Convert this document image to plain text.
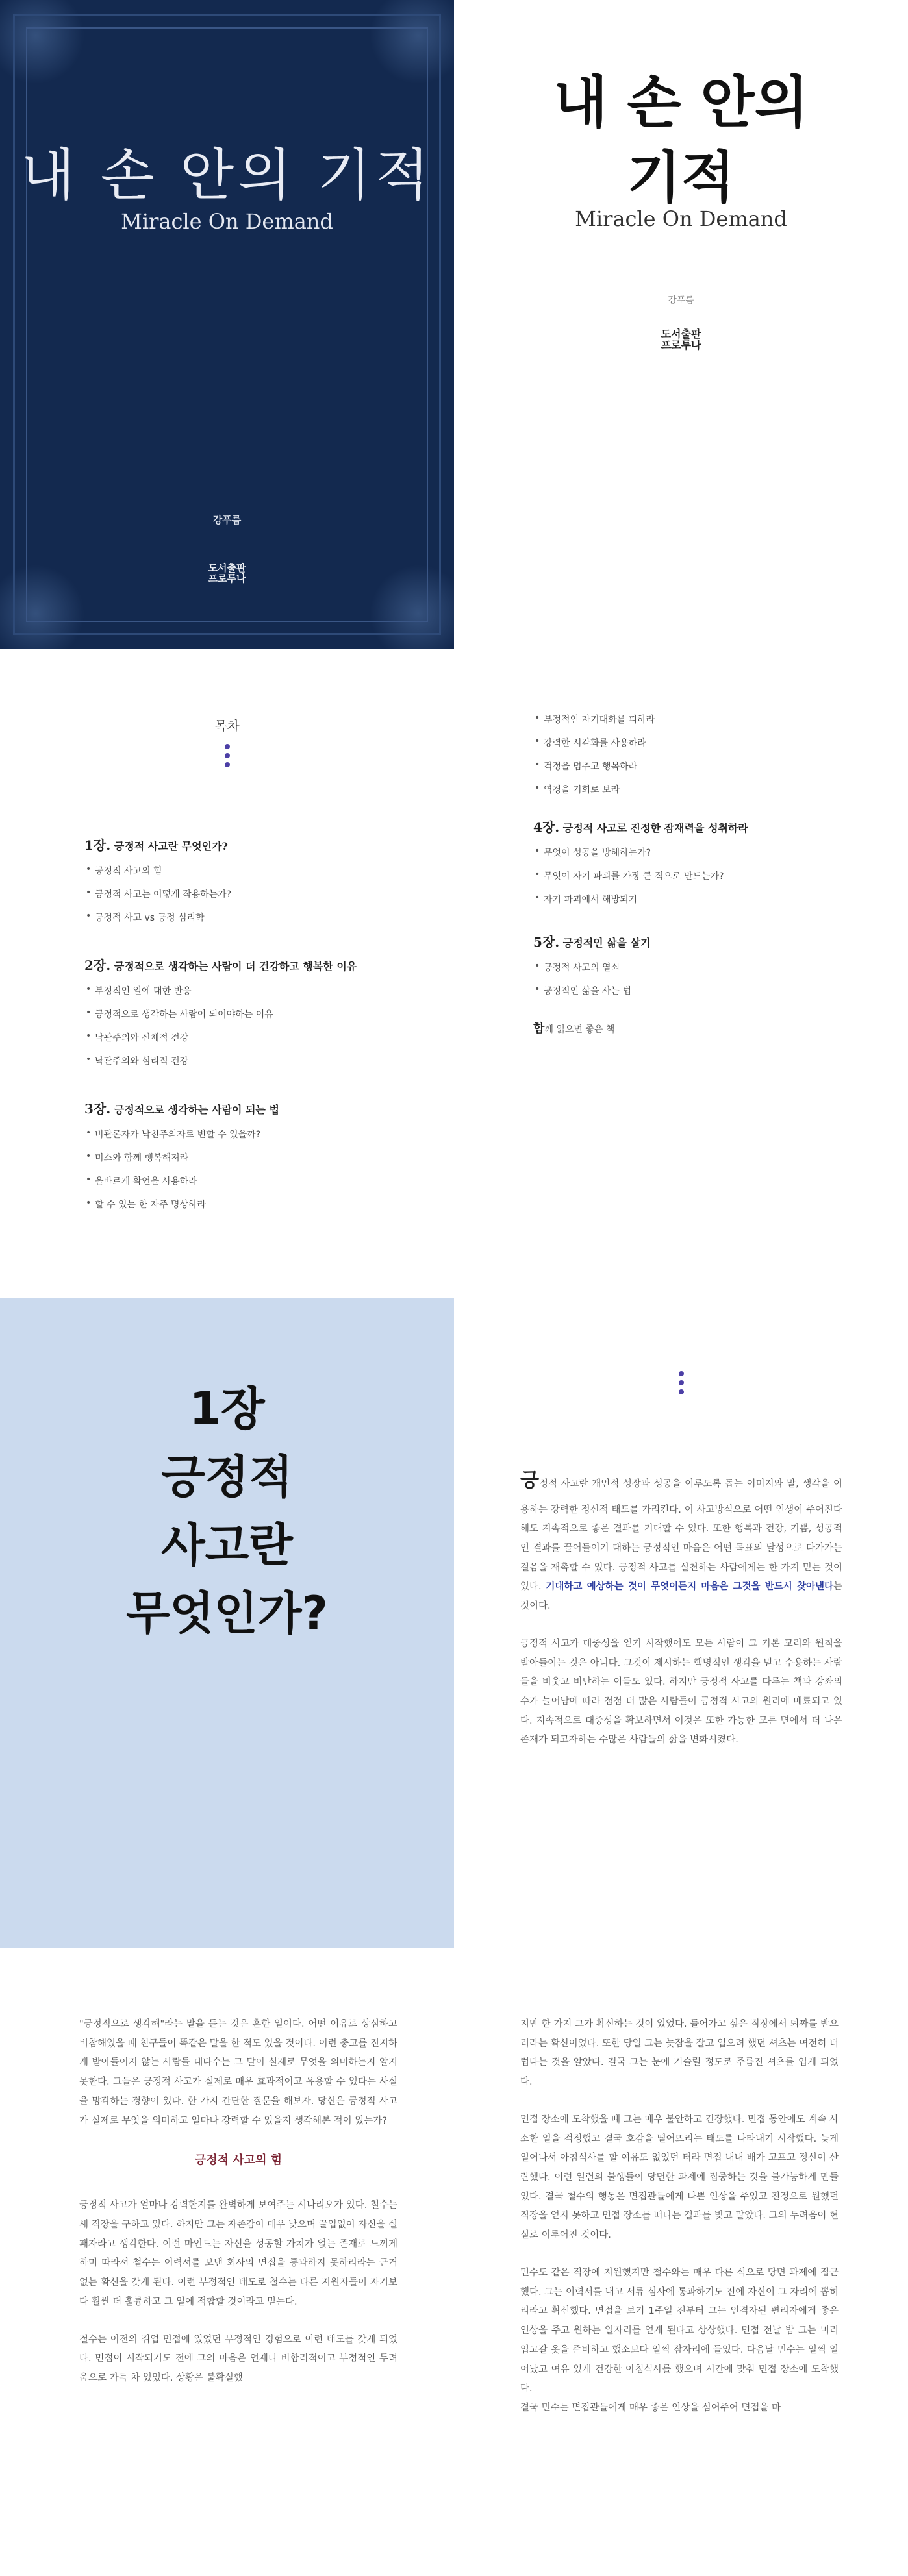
내 손 안의 기적
Miracle On Demand
강푸름
도서출판
프로투나
내 손 안의
기적
Miracle On Demand
강푸름
도서출판
프로투나
목차
1장. 긍정적 사고란 무엇인가?
• 긍정적 사고의 힘
• 긍정적 사고는 어떻게 작용하는가?
• 긍정적 사고 vs 긍정 심리학
2장. 긍정적으로 생각하는 사람이 더 건강하고 행복한 이유
• 부정적인 일에 대한 반응
• 긍정적으로 생각하는 사람이 되어야하는 이유
• 낙관주의와 신체적 건강
• 낙관주의와 심리적 건강
3장. 긍정적으로 생각하는 사람이 되는 법
• 비관론자가 낙천주의자로 변할 수 있을까?
• 미소와 함께 행복해져라
• 올바르게 확언을 사용하라
• 할 수 있는 한 자주 명상하라
• 부정적인 자기대화를 피하라
• 강력한 시각화를 사용하라
• 걱정을 멈추고 행복하라
• 역경을 기회로 보라
4장. 긍정적 사고로 진정한 잠재력을 성취하라
• 무엇이 성공을 방해하는가?
• 무엇이 자기 파괴를 가장 큰 적으로 만드는가?
• 자기 파괴에서 해방되기
5장. 긍정적인 삶을 살기
• 긍정적 사고의 열쇠
• 긍정적인 삶을 사는 법
함께 읽으면 좋은 책
1장
긍정적
사고란
무엇인가?

긍정적 사고란 개인적 성장과 성공을 이루도록 돕는 이미지와 말, 생각을 이용하는 강력한 정신적 태도를 가리킨다. 이 사고방식으로 어떤 인생이 주어진다 해도 지속적으로 좋은 결과를 기대할 수 있다. 또한 행복과 건강, 기쁨, 성공적인 결과를 끌어들이기 대하는 긍정적인 마음은 어떤 목표의 달성으로 다가가는 걸음을 재촉할 수 있다. 긍정적 사고를 실천하는 사람에게는 한 가지 믿는 것이 있다. 기대하고 예상하는 것이 무엇이든지 마음은 그것을 반드시 찾아낸다는 것이다.

긍정적 사고가 대중성을 얻기 시작했어도 모든 사람이 그 기본 교리와 원칙을 받아들이는 것은 아니다. 그것이 제시하는 핵명적인 생각을 믿고 수용하는 사람들을 비웃고 비난하는 이들도 있다. 하지만 긍정적 사고를 다루는 책과 강좌의 수가 늘어남에 따라 점점 더 많은 사람들이 긍정적 사고의 원리에 매료되고 있다. 지속적으로 대중성을 확보하면서 이것은 또한 가능한 모든 면에서 더 나은 존재가 되고자하는 수많은 사람들의 삶을 변화시켰다.

"긍정적으로 생각해"라는 말을 듣는 것은 흔한 일이다. 어떤 이유로 상심하고 비참해있을 때 친구들이 똑같은 말을 한 적도 있을 것이다. 이런 충고를 진지하게 받아들이지 않는 사람들 대다수는 그 말이 실제로 무엇을 의미하는지 알지 못한다. 그들은 긍정적 사고가 실제로 매우 효과적이고 유용할 수 있다는 사실을 망각하는 경향이 있다. 한 가지 간단한 질문을 해보자. 당신은 긍정적 사고가 실제로 무엇을 의미하고 얼마나 강력할 수 있을지 생각해본 적이 있는가?

긍정적 사고의 힘

긍정적 사고가 얼마나 강력한지를 완벽하게 보여주는 시나리오가 있다. 철수는 새 직장을 구하고 있다. 하지만 그는 자존감이 매우 낮으며 끌입없이 자신을 실패자라고 생각한다. 이런 마인드는 자신을 성공할 가치가 없는 존재로 느끼게 하며 따라서 철수는 이력서를 보낸 회사의 면접을 통과하지 못하리라는 근거 없는 확신을 갖게 된다. 이런 부정적인 태도로 철수는 다른 지원자들이 자기보다 훨씬 더 훌륭하고 그 일에 적합할 것이라고 믿는다.

철수는 이전의 취업 면접에 있었던 부정적인 경험으로 이런 태도를 갖게 되었다. 면접이 시작되기도 전에 그의 마음은 언제나 비합리적이고 부정적인 두려움으로 가득 차 있었다. 상황은 불확실했

지만 한 가지 그가 확신하는 것이 있었다. 들어가고 싶은 직장에서 퇴짜를 받으리라는 확신이었다. 또한 당일 그는 늦잠을 잘고 입으려 했던 셔츠는 여전히 더럽다는 것을 알았다. 결국 그는 눈에 거슬릴 정도로 주름진 셔츠를 입게 되었다.

면접 장소에 도착했을 때 그는 매우 불안하고 긴장했다. 면접 동안에도 계속 사소한 일을 걱정했고 결국 호감을 떨어뜨리는 태도를 나타내기 시작했다. 늦게 일어나서 아침식사를 할 여유도 없었던 터라 면접 내내 배가 고프고 정신이 산란했다. 이런 일련의 불행들이 당면한 과제에 집중하는 것을 불가능하게 만들었다. 결국 철수의 행동은 면접관들에게 나쁜 인상을 주었고 진정으로 원했던 직장을 얻지 못하고 면접 장소를 떠나는 결과를 빚고 말았다. 그의 두려움이 현실로 이루어진 것이다.

민수도 같은 직장에 지원했지만 철수와는 매우 다른 식으로 당면 과제에 접근했다. 그는 이력서를 내고 서류 심사에 통과하기도 전에 자신이 그 자리에 뽑히리라고 확신했다. 면접을 보기 1주일 전부터 그는 인격자된 편리자에게 좋은 인상을 주고 원하는 일자리를 얻게 된다고 상상했다. 면접 전날 밤 그는 미리 입고갈 옷을 준비하고 했소보다 일찍 잠자리에 들었다. 다음날 민수는 일찍 일어났고 여유 있게 건강한 아침식사를 했으며 시간에 맞춰 면접 장소에 도착했다.

결국 민수는 면접관들에게 매우 좋은 인상을 심어주어 면접을 마
